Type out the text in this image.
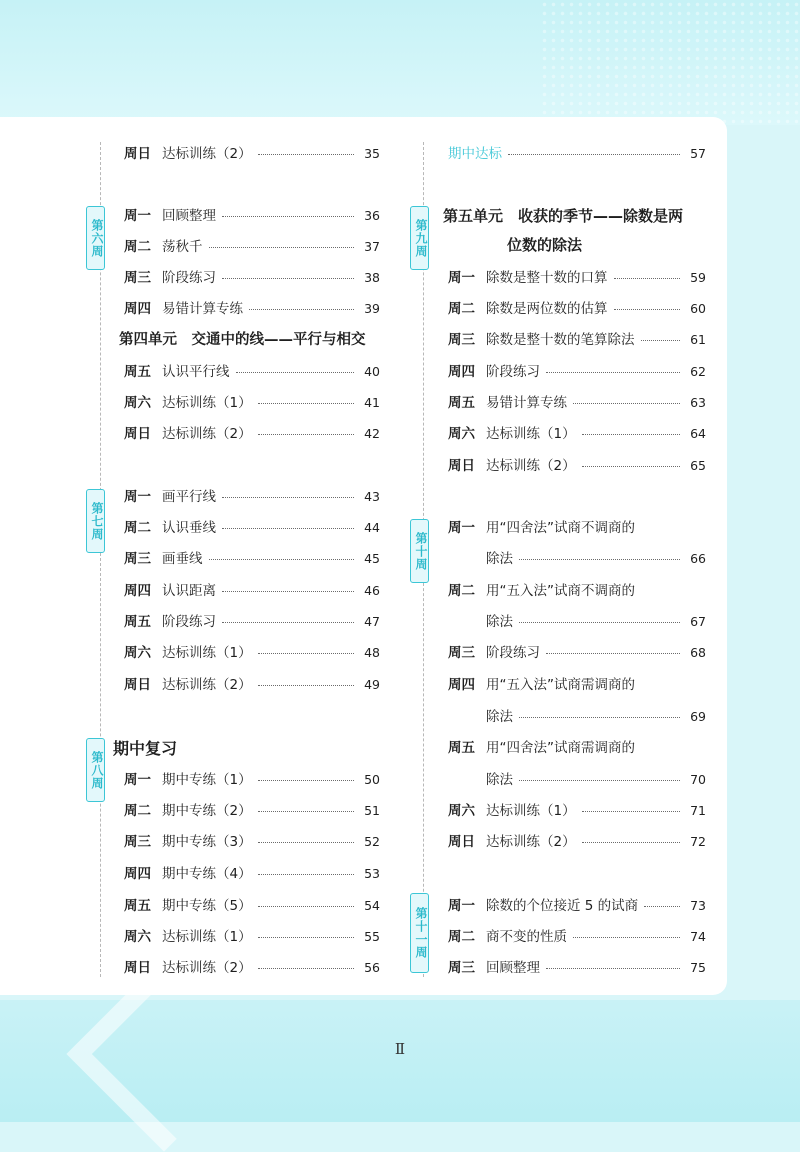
第六周
第七周
第八周
第九周
第十周
第十一周
周日 达标训练（2）	35
周一 回顾整理	36
周二 荡秋千	37
周三 阶段练习	38
周四 易错计算专练	39
第四单元　交通中的线——平行与相交
周五 认识平行线	40
周六 达标训练（1）	41
周日 达标训练（2）	42
周一 画平行线	43
周二 认识垂线	44
周三 画垂线	45
周四 认识距离	46
周五 阶段练习	47
周六 达标训练（1）	48
周日 达标训练（2）	49
期中复习
周一 期中专练（1）	50
周二 期中专练（2）	51
周三 期中专练（3）	52
周四 期中专练（4）	53
周五 期中专练（5）	54
周六 达标训练（1）	55
周日 达标训练（2）	56
期中达标	57
第五单元　收获的季节——除数是两
位数的除法
周一 除数是整十数的口算	59
周二 除数是两位数的估算	60
周三 除数是整十数的笔算除法	61
周四 阶段练习	62
周五 易错计算专练	63
周六 达标训练（1）	64
周日 达标训练（2）	65
周一 用“四舍法”试商不调商的
除法	66
周二 用“五入法”试商不调商的
除法	67
周三 阶段练习	68
周四 用“五入法”试商需调商的
除法	69
周五 用“四舍法”试商需调商的
除法	70
周六 达标训练（1）	71
周日 达标训练（2）	72
周一 除数的个位接近 5 的试商	73
周二 商不变的性质	74
周三 回顾整理	75
Ⅱ
